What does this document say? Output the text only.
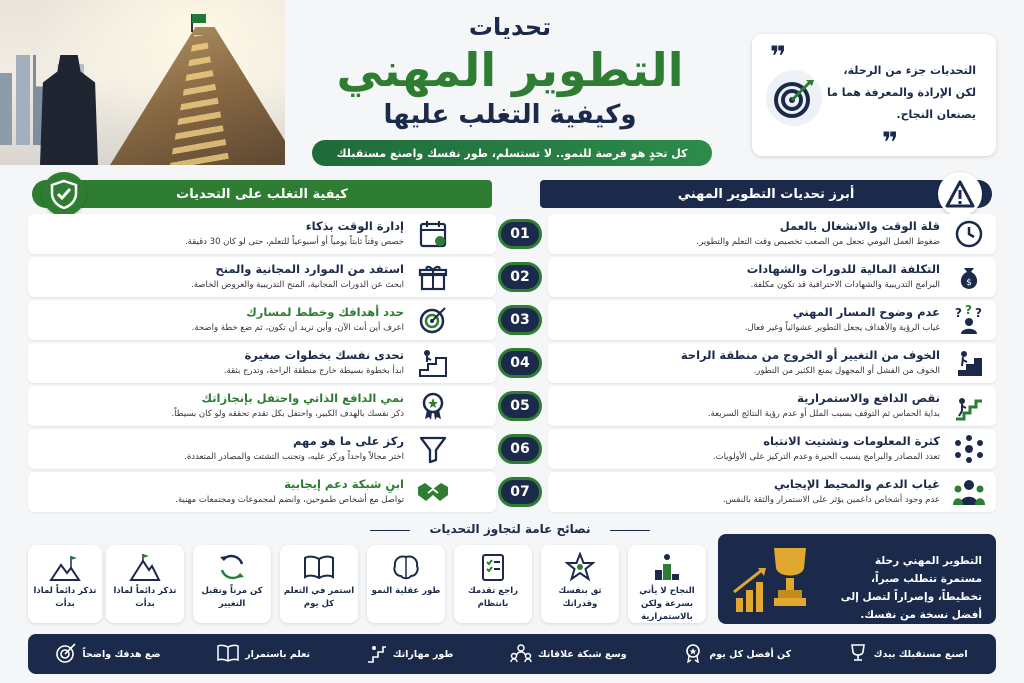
تحديات
التطوير المهني
وكيفية التغلب عليها
كل تحدٍ هو فرصة للنمو.. لا تستسلم، طور نفسك واصنع مستقبلك
❞	التحديات جزء من الرحلة، لكن الإرادة والمعرفة هما ما يصنعان النجاح.
❞
أبرز تحديات التطوير المهني
كيفية التغلب على التحديات
قلة الوقت والانشغال بالعمل
ضغوط العمل اليومي تجعل من الصعب تخصيص وقت التعلم والتطوير.
$
التكلفة المالية للدورات والشهادات
البرامج التدريبية والشهادات الاحترافية قد تكون مكلفة.
? ? ?
عدم وضوح المسار المهني
غياب الرؤية والأهداف يجعل التطوير عشوائياً وغير فعال.
الخوف من التغيير أو الخروج من منطقة الراحة
الخوف من الفشل أو المجهول يمنع الكثير من التطور.
نقص الدافع والاستمرارية
بداية الحماس ثم التوقف بسبب الملل أو عدم رؤية النتائج السريعة.
كثرة المعلومات وتشتيت الانتباه
تعدد المصادر والبرامج يسبب الحيرة وعدم التركيز على الأولويات.
غياب الدعم والمحيط الإيجابي
عدم وجود أشخاص داعمين يؤثر على الاستمرار والثقة بالنفس.
إدارة الوقت بذكاء
خصص وقتاً ثابتاً يومياً أو أسبوعياً للتعلم، حتى لو كان 30 دقيقة.
استفد من الموارد المجانية والمنح
ابحث عن الدورات المجانية، المنح التدريبية والعروض الخاصة.
حدد أهدافك وخطط لمسارك
اعرف أين أنت الآن، وأين تريد أن تكون، ثم ضع خطة واضحة.
تحدى نفسك بخطوات صغيرة
ابدأ بخطوة بسيطة خارج منطقة الراحة، وتدرج بثقة.
نمي الدافع الذاتي واحتفل بإنجازاتك
ذكر نفسك بالهدف الكبير، واحتفل بكل تقدم تحققه ولو كان بسيطاً.
ركز على ما هو مهم
اختر مجالاً واحداً وركز عليه، وتجنب التشتت والمصادر المتعددة.
ابنِ شبكة دعم إيجابية
تواصل مع أشخاص طموحين، وانضم لمجموعات ومجتمعات مهنية.
01
02
03
04
05
06
07
نصائح عامة لتجاوز التحديات
التطوير المهني رحلة مستمرة تتطلب صبراً، تخطيطاً، وإصراراً لتصل إلى أفضل نسخة من نفسك.
النجاح لا يأتي بسرعة ولكن بالاستمرارية
ثق بنفسك وقدراتك
راجع تقدمك بانتظام
طور عقلية النمو
استمر في التعلم كل يوم
كن مرناً وتقبل التغيير
تذكر دائماً لماذا بدأت
تذكر دائماً لماذا بدأت
اصنع مستقبلك بيدك
كن أفضل كل يوم
وسع شبكة علاقاتك
طور مهاراتك
تعلم باستمرار
ضع هدفك واضحاً
